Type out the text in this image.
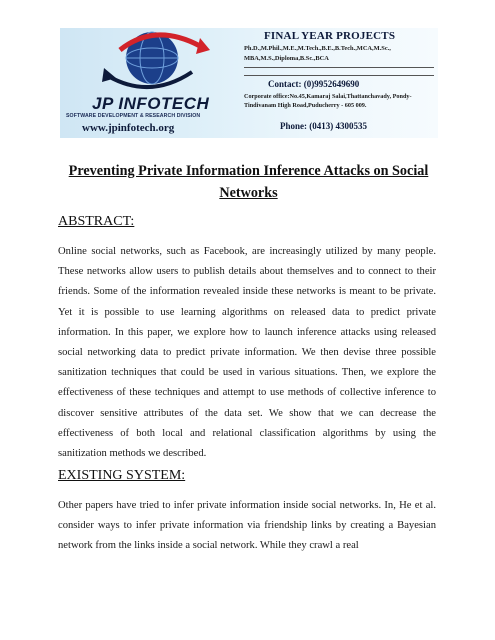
JP INFOTECH
SOFTWARE DEVELOPMENT & RESEARCH DIVISION
www.jpinfotech.org
FINAL YEAR PROJECTS
Ph.D.,M.Phil.,M.E.,M.Tech.,B.E.,B.Tech.,MCA,M.Sc., MBA,M.S.,Diploma,B.Sc.,BCA
Contact: (0)9952649690
Corporate office:No.45,Kamaraj Salai,Thattanchavady, Pondy-Tindivanam High Road,Puducherry - 605 009.
Phone: (0413) 4300535
Preventing Private Information Inference Attacks on Social Networks
ABSTRACT:

Online social networks, such as Facebook, are increasingly utilized by many people. These networks allow users to publish details about themselves and to connect to their friends. Some of the information revealed inside these networks is meant to be private. Yet it is possible to use learning algorithms on released data to predict private information. In this paper, we explore how to launch inference attacks using released social networking data to predict private information. We then devise three possible sanitization techniques that could be used in various situations. Then, we explore the effectiveness of these techniques and attempt to use methods of collective inference to discover sensitive attributes of the data set. We show that we can decrease the effectiveness of both local and relational classification algorithms by using the sanitization methods we described.

EXISTING SYSTEM:

Other papers have tried to infer private information inside social networks. In, He et al. consider ways to infer private information via friendship links by creating a Bayesian network from the links inside a social network. While they crawl a real
